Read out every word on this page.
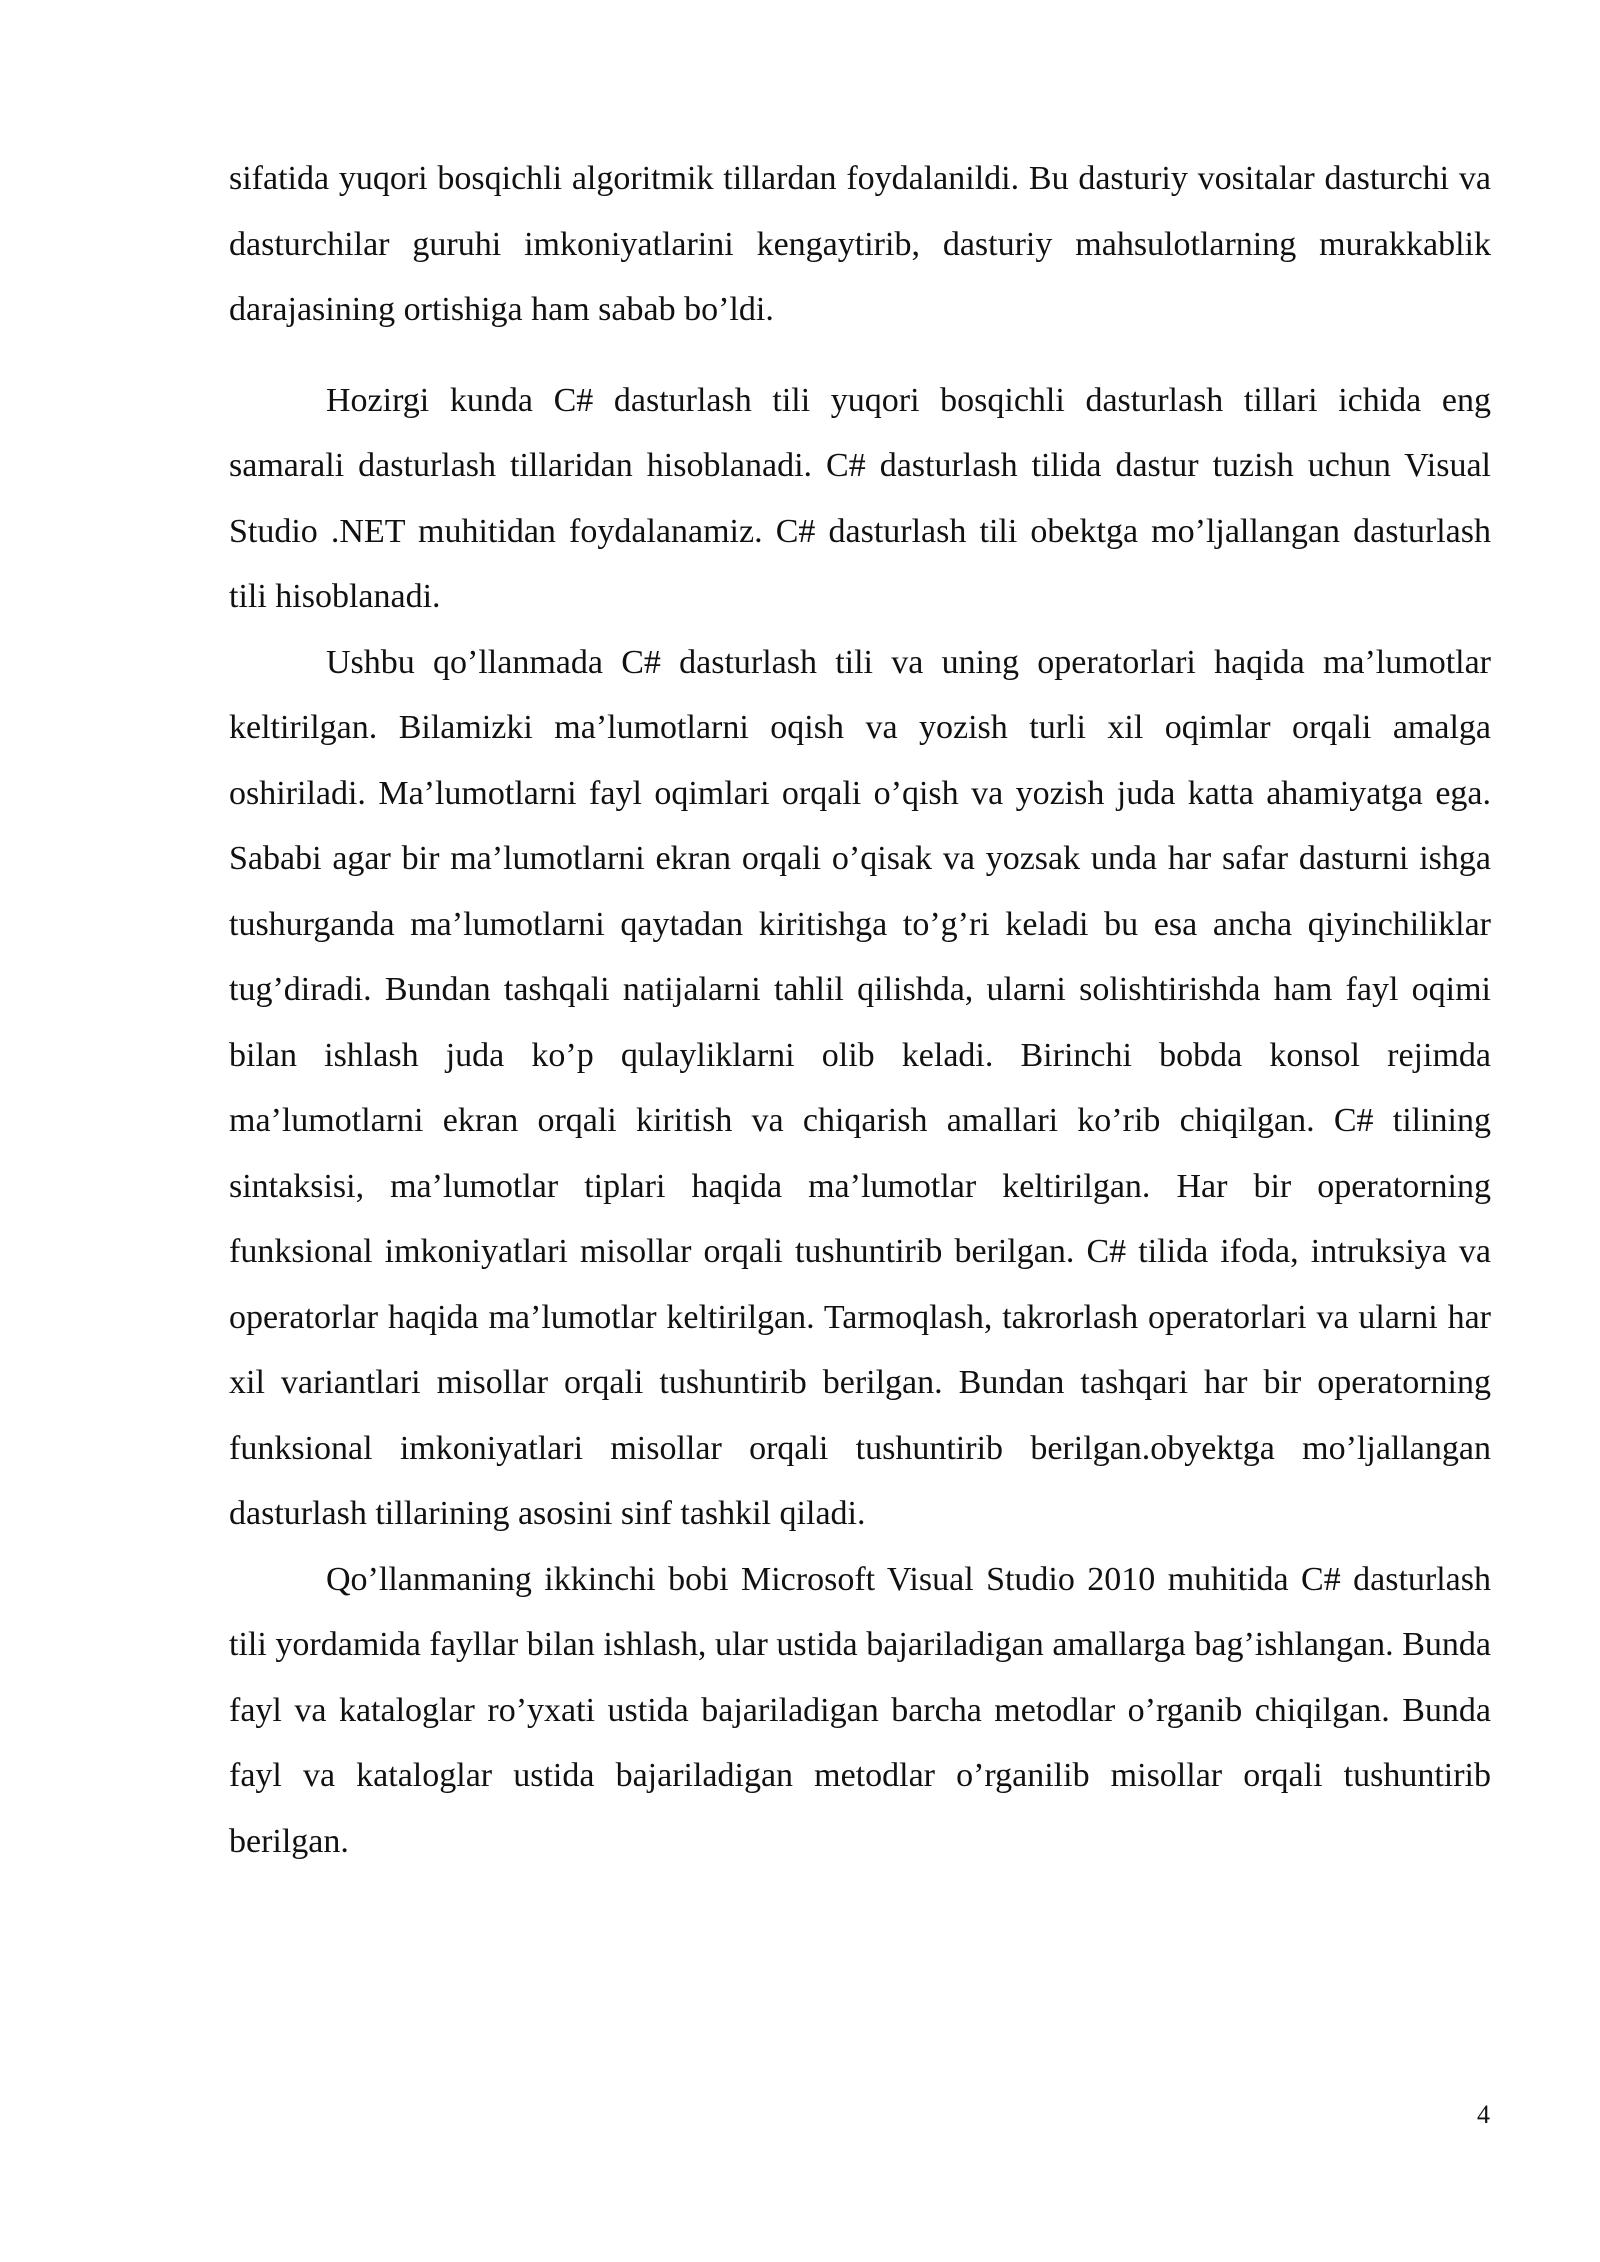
sifatida yuqori bosqichli algoritmik tillardan foydalanildi. Bu dasturiy vositalar dasturchi va dasturchilar guruhi imkoniyatlarini kengaytirib, dasturiy mahsulotlarning murakkablik darajasining ortishiga ham sabab bo’ldi.

Hozirgi kunda C# dasturlash tili yuqori bosqichli dasturlash tillari ichida eng samarali dasturlash tillaridan hisoblanadi. C# dasturlash tilida dastur tuzish uchun Visual Studio .NET muhitidan foydalanamiz. C# dasturlash tili obektga mo’ljallangan dasturlash tili hisoblanadi.

Ushbu qo’llanmada C# dasturlash tili va uning operatorlari haqida ma’lumotlar keltirilgan. Bilamizki ma’lumotlarni oqish va yozish turli xil oqimlar orqali amalga oshiriladi. Ma’lumotlarni fayl oqimlari orqali o’qish va yozish juda katta ahamiyatga ega. Sababi agar bir ma’lumotlarni ekran orqali o’qisak va yozsak unda har safar dasturni ishga tushurganda ma’lumotlarni qaytadan kiritishga to’g’ri keladi bu esa ancha qiyinchiliklar tug’diradi. Bundan tashqali natijalarni tahlil qilishda, ularni solishtirishda ham fayl oqimi bilan ishlash juda ko’p qulayliklarni olib keladi. Birinchi bobda konsol rejimda ma’lumotlarni ekran orqali kiritish va chiqarish amallari ko’rib chiqilgan. C# tilining sintaksisi, ma’lumotlar tiplari haqida ma’lumotlar keltirilgan. Har bir operatorning funksional imkoniyatlari misollar orqali tushuntirib berilgan. C# tilida ifoda, intruksiya va operatorlar haqida ma’lumotlar keltirilgan. Tarmoqlash, takrorlash operatorlari va ularni har xil variantlari misollar orqali tushuntirib berilgan. Bundan tashqari har bir operatorning funksional imkoniyatlari misollar orqali tushuntirib berilgan.obyektga mo’ljallangan dasturlash tillarining asosini sinf tashkil qiladi.

Qo’llanmaning ikkinchi bobi Microsoft Visual Studio 2010 muhitida C# dasturlash tili yordamida fayllar bilan ishlash, ular ustida bajariladigan amallarga bag’ishlangan. Bunda fayl va kataloglar ro’yxati ustida bajariladigan barcha metodlar o’rganib chiqilgan. Bunda fayl va kataloglar ustida bajariladigan metodlar o’rganilib misollar orqali tushuntirib berilgan.

4
